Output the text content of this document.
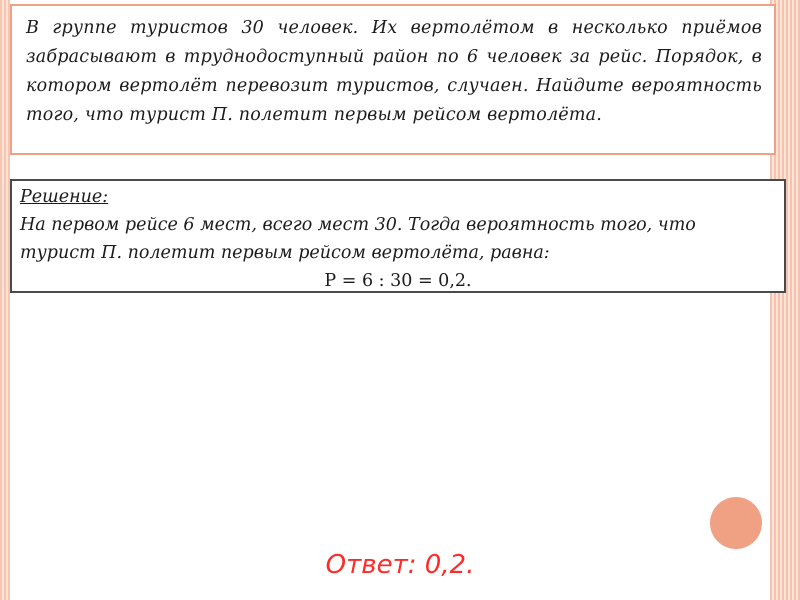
В группе туристов 30 человек. Их вертолётом в несколько приёмов забрасывают в труднодоступный район по 6 человек за рейс. Порядок, в котором вертолёт перевозит туристов, случаен. Найдите вероятность того, что турист П. полетит первым рейсом вертолёта.
Решение:
На первом рейсе 6 мест, всего мест 30. Тогда вероятность того, что турист П. полетит первым рейсом вертолёта, равна:
P = 6 : 30 = 0,2.
Ответ: 0,2.
